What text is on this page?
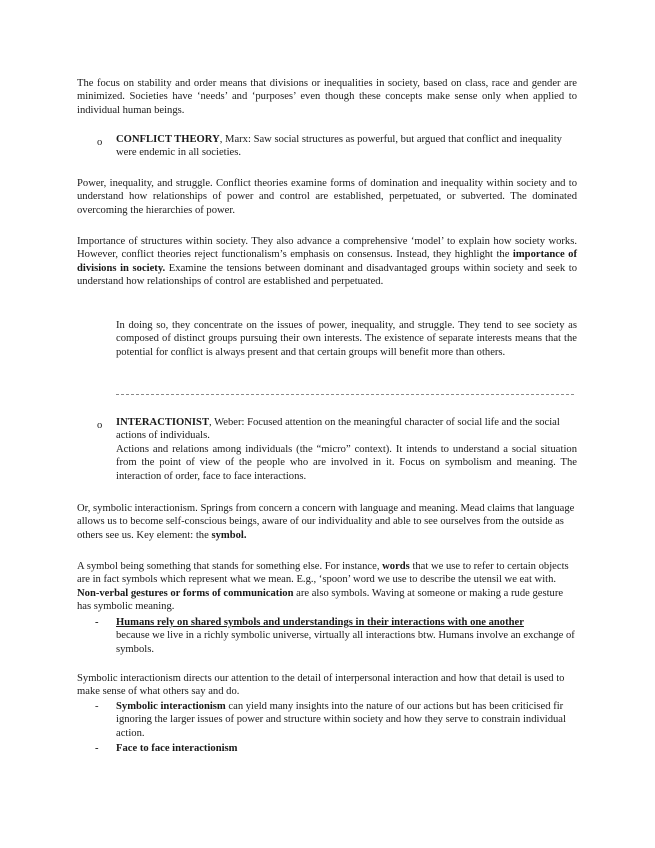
The focus on stability and order means that divisions or inequalities in society, based on class, race and gender are minimized. Societies have ‘needs’ and ‘purposes’ even though these concepts make sense only when applied to individual human beings.
o CONFLICT THEORY, Marx: Saw social structures as powerful, but argued that conflict and inequality were endemic in all societies.
Power, inequality, and struggle. Conflict theories examine forms of domination and inequality within society and to understand how relationships of power and control are established, perpetuated, or subverted. The dominated overcoming the hierarchies of power.
Importance of structures within society. They also advance a comprehensive ‘model’ to explain how society works. However, conflict theories reject functionalism’s emphasis on consensus. Instead, they highlight the importance of divisions in society. Examine the tensions between dominant and disadvantaged groups within society and seek to understand how relationships of control are established and perpetuated.
In doing so, they concentrate on the issues of power, inequality, and struggle. They tend to see society as composed of distinct groups pursuing their own interests. The existence of separate interests means that the potential for conflict is always present and that certain groups will benefit more than others.
o INTERACTIONIST, Weber: Focused attention on the meaningful character of social life and the social actions of individuals.
Actions and relations among individuals (the “micro” context). It intends to understand a social situation from the point of view of the people who are involved in it. Focus on symbolism and meaning. The interaction of order, face to face interactions.
Or, symbolic interactionism. Springs from concern a concern with language and meaning. Mead claims that language allows us to become self-conscious beings, aware of our individuality and able to see ourselves from the outside as others see us. Key element: the symbol.
A symbol being something that stands for something else. For instance, words that we use to refer to certain objects are in fact symbols which represent what we mean. E.g., ‘spoon’ word we use to describe the utensil we eat with. Non-verbal gestures or forms of communication are also symbols. Waving at someone or making a rude gesture has symbolic meaning.
- Humans rely on shared symbols and understandings in their interactions with one another
because we live in a richly symbolic universe, virtually all interactions btw. Humans involve an exchange of symbols.
Symbolic interactionism directs our attention to the detail of interpersonal interaction and how that detail is used to make sense of what others say and do.
- Symbolic interactionism can yield many insights into the nature of our actions but has been criticised fir ignoring the larger issues of power and structure within society and how they serve to constrain individual action.
- Face to face interactionism
